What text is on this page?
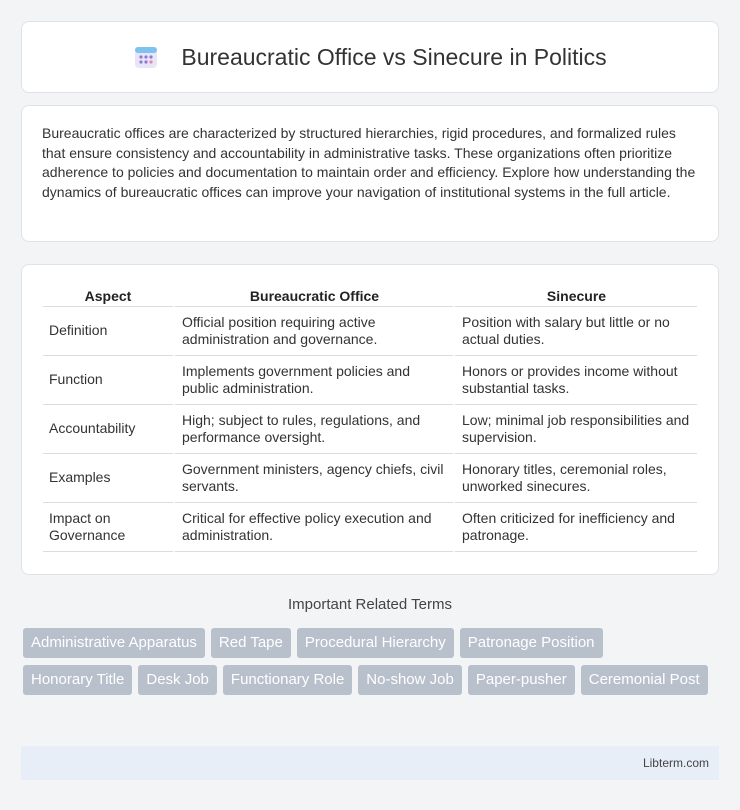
Bureaucratic Office vs Sinecure in Politics

Bureaucratic offices are characterized by structured hierarchies, rigid procedures, and formalized rules that ensure consistency and accountability in administrative tasks. These organizations often prioritize adherence to policies and documentation to maintain order and efficiency. Explore how understanding the dynamics of bureaucratic offices can improve your navigation of institutional systems in the full article.

Aspect	Bureaucratic Office	Sinecure
Definition	Official position requiring active administration and governance.	Position with salary but little or no actual duties.
Function	Implements government policies and public administration.	Honors or provides income without substantial tasks.
Accountability	High; subject to rules, regulations, and performance oversight.	Low; minimal job responsibilities and supervision.
Examples	Government ministers, agency chiefs, civil servants.	Honorary titles, ceremonial roles, unworked sinecures.
Impact on Governance	Critical for effective policy execution and administration.	Often criticized for inefficiency and patronage.
Important Related Terms
Administrative Apparatus	Red Tape	Procedural Hierarchy	Patronage Position
Honorary Title	Desk Job	Functionary Role	No-show Job	Paper-pusher	Ceremonial Post
Libterm.com
